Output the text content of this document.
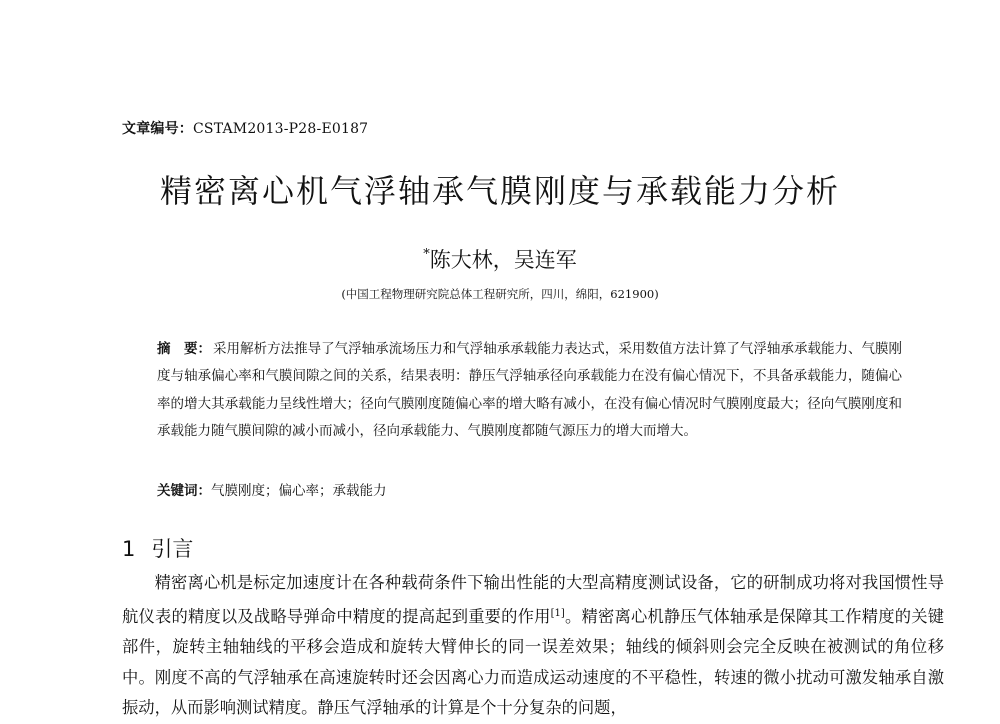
文章编号：CSTAM2013-P28-E0187
精密离心机气浮轴承气膜刚度与承载能力分析
*陈大林，吴连军
(中国工程物理研究院总体工程研究所，四川，绵阳，621900)
摘　要： 采用解析方法推导了气浮轴承流场压力和气浮轴承承载能力表达式，采用数值方法计算了气浮轴承承载能力、气膜刚度与轴承偏心率和气膜间隙之间的关系，结果表明：静压气浮轴承径向承载能力在没有偏心情况下，不具备承载能力，随偏心率的增大其承载能力呈线性增大；径向气膜刚度随偏心率的增大略有减小，在没有偏心情况时气膜刚度最大；径向气膜刚度和承载能力随气膜间隙的减小而减小，径向承载能力、气膜刚度都随气源压力的增大而增大。
关键词：气膜刚度；偏心率；承载能力
1 引言
精密离心机是标定加速度计在各种载荷条件下输出性能的大型高精度测试设备，它的研制成功将对我国惯性导航仪表的精度以及战略导弹命中精度的提高起到重要的作用[1]。精密离心机静压气体轴承是保障其工作精度的关键部件，旋转主轴轴线的平移会造成和旋转大臂伸长的同一误差效果；轴线的倾斜则会完全反映在被测试的角位移中。刚度不高的气浮轴承在高速旋转时还会因离心力而造成运动速度的不平稳性，转速的微小扰动可激发轴承自激振动，从而影响测试精度。静压气浮轴承的计算是个十分复杂的问题，
